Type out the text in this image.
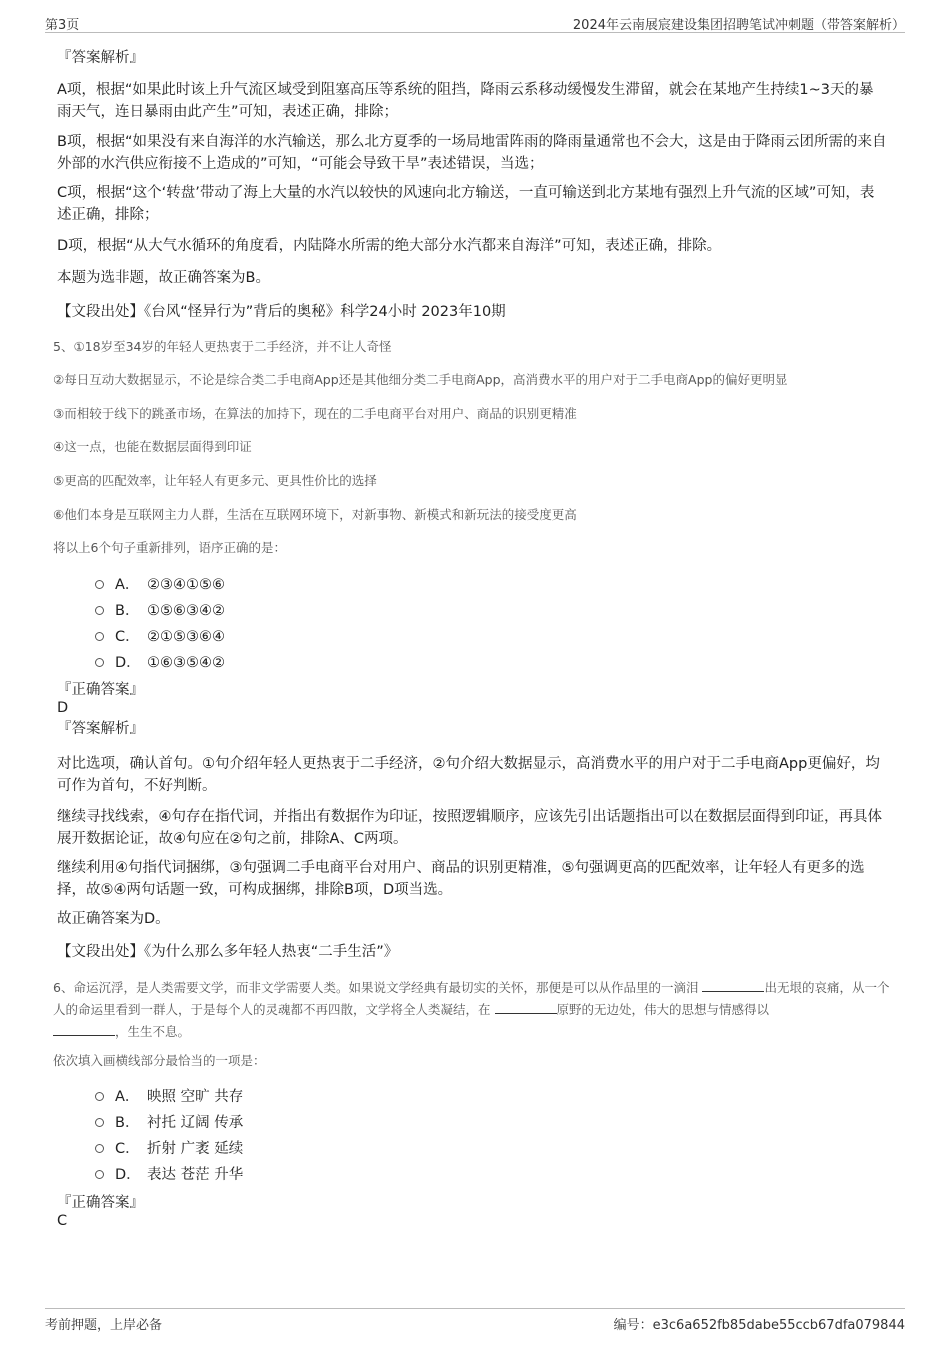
第3页	2024年云南展宸建设集团招聘笔试冲刺题（带答案解析）

『答案解析』

A项，根据“如果此时该上升气流区域受到阻塞高压等系统的阻挡，降雨云系移动缓慢发生滞留，就会在某地产生持续1~3天的暴雨天气，连日暴雨由此产生”可知，表述正确，排除；

B项，根据“如果没有来自海洋的水汽输送，那么北方夏季的一场局地雷阵雨的降雨量通常也不会大，这是由于降雨云团所需的来自外部的水汽供应衔接不上造成的”可知，“可能会导致干旱”表述错误，当选；

C项，根据“这个‘转盘’带动了海上大量的水汽以较快的风速向北方输送，一直可输送到北方某地有强烈上升气流的区域”可知，表述正确，排除；

D项，根据“从大气水循环的角度看，内陆降水所需的绝大部分水汽都来自海洋”可知，表述正确，排除。

本题为选非题，故正确答案为B。

【文段出处】《台风“怪异行为”背后的奥秘》科学24小时 2023年10期

5、①18岁至34岁的年轻人更热衷于二手经济，并不让人奇怪

②每日互动大数据显示，不论是综合类二手电商App还是其他细分类二手电商App，高消费水平的用户对于二手电商App的偏好更明显

③而相较于线下的跳蚤市场，在算法的加持下，现在的二手电商平台对用户、商品的识别更精准

④这一点，也能在数据层面得到印证

⑤更高的匹配效率，让年轻人有更多元、更具性价比的选择

⑥他们本身是互联网主力人群，生活在互联网环境下，对新事物、新模式和新玩法的接受度更高

将以上6个句子重新排列，语序正确的是：

A． ②③④①⑤⑥
B． ①⑤⑥③④②
C． ②①⑤③⑥④
D． ①⑥③⑤④②

『正确答案』

D

『答案解析』

对比选项，确认首句。①句介绍年轻人更热衷于二手经济，②句介绍大数据显示，高消费水平的用户对于二手电商App更偏好，均可作为首句，不好判断。

继续寻找线索，④句存在指代词，并指出有数据作为印证，按照逻辑顺序，应该先引出话题指出可以在数据层面得到印证，再具体展开数据论证，故④句应在②句之前，排除A、C两项。

继续利用④句指代词捆绑，③句强调二手电商平台对用户、商品的识别更精准，⑤句强调更高的匹配效率，让年轻人有更多的选择，故⑤④两句话题一致，可构成捆绑，排除B项，D项当选。

故正确答案为D。

【文段出处】《为什么那么多年轻人热衷“二手生活”》

6、命运沉浮，是人类需要文学，而非文学需要人类。如果说文学经典有最切实的关怀，那便是可以从作品里的一滴泪	出无垠的哀痛，从一个人的命运里看到一群人，于是每个人的灵魂都不再四散，文学将全人类凝结，在	原野的无边处，伟大的思想与情感得以
，生生不息。

依次填入画横线部分最恰当的一项是：

A． 映照 空旷 共存
B． 衬托 辽阔 传承
C． 折射 广袤 延续
D． 表达 苍茫 升华

『正确答案』

C

考前押题，上岸必备	编号：e3c6a652fb85dabe55ccb67dfa079844
